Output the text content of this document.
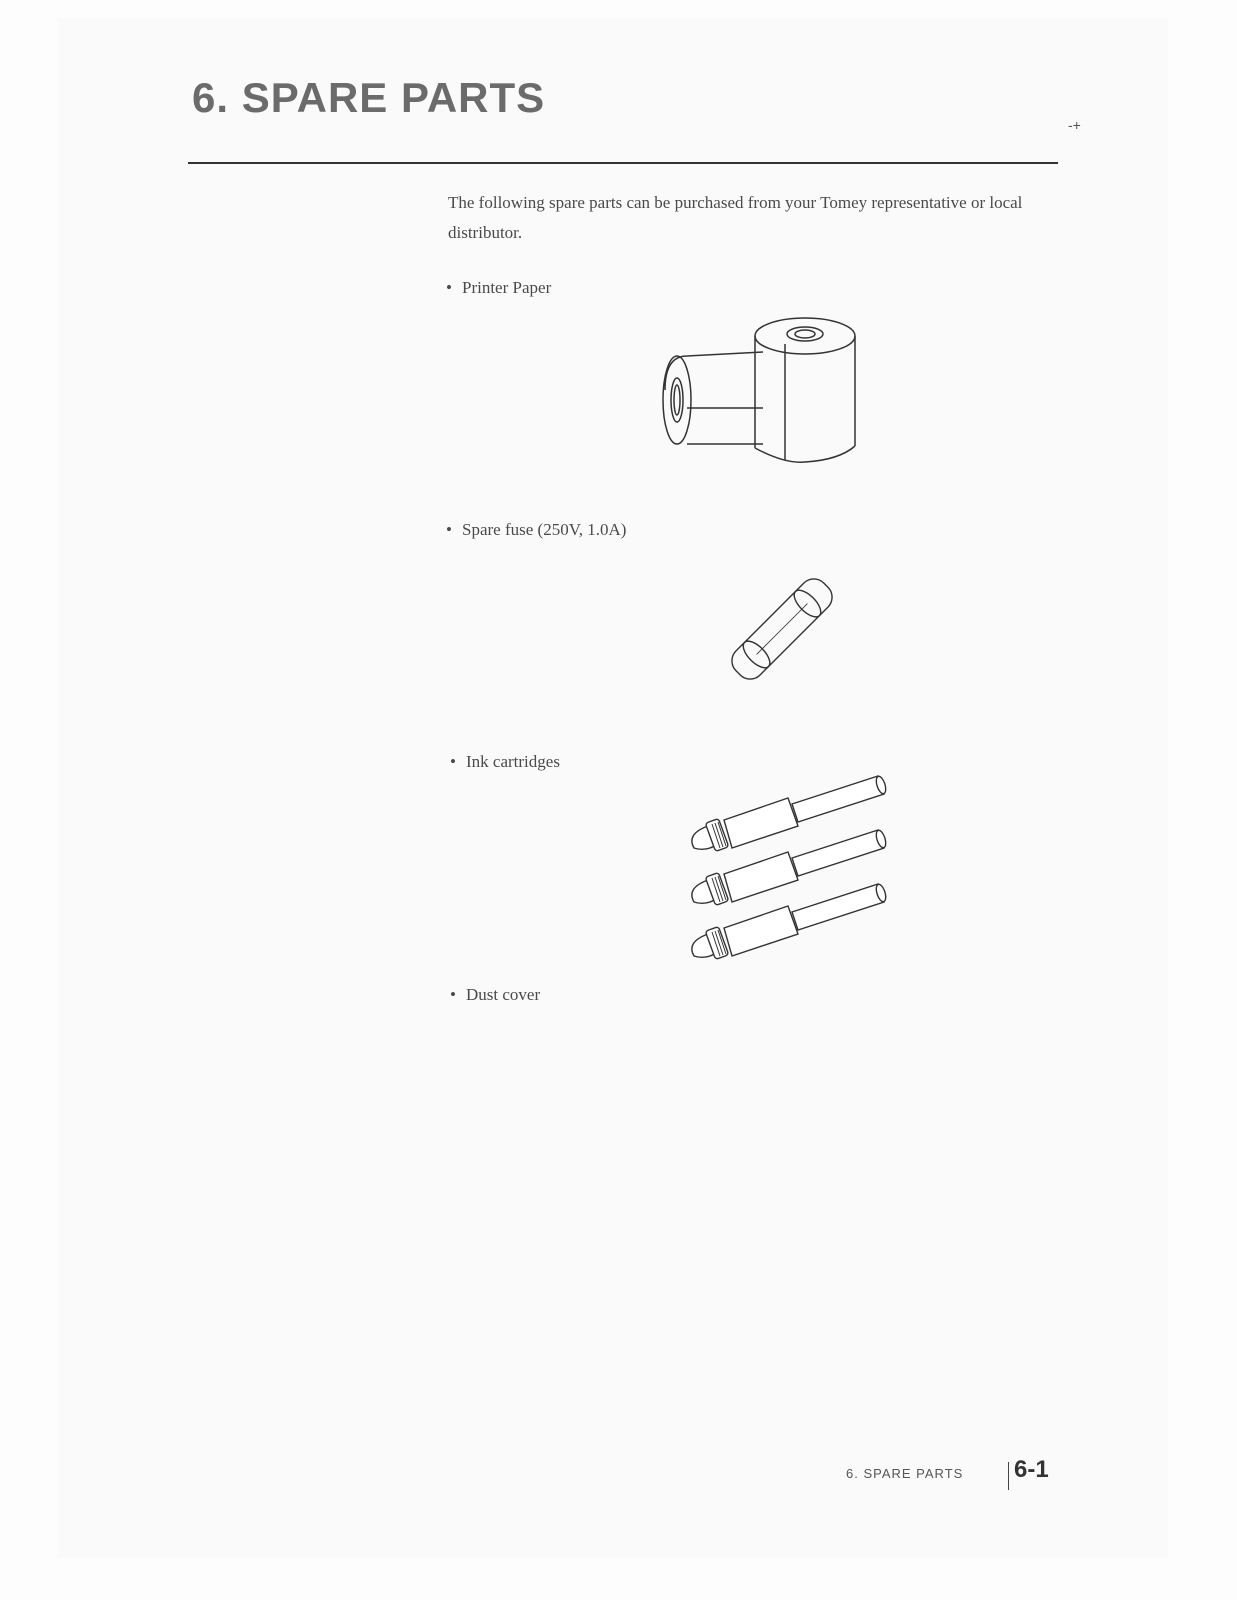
6. SPARE PARTS
-+

The following spare parts can be purchased from your Tomey representative or local distributor.

• Printer Paper
• Spare fuse (250V, 1.0A)
• Ink cartridges
• Dust cover
6. SPARE PARTS 6-1
